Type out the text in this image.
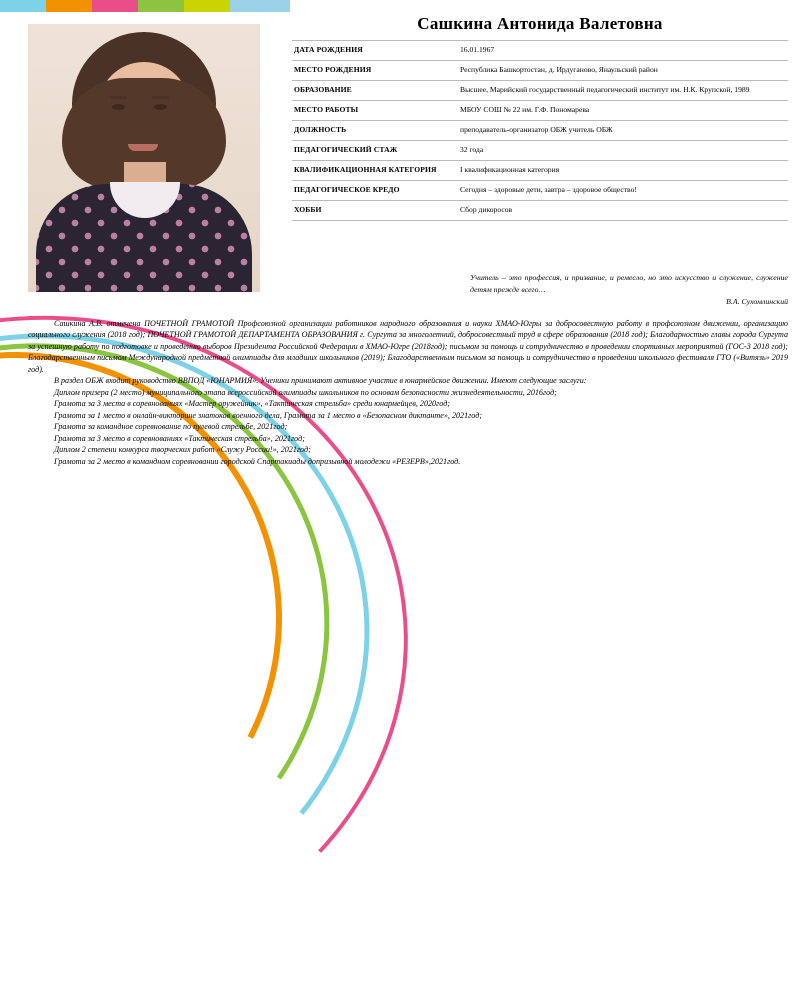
Сашкина Антонида Валетовна
ДАТА РОЖДЕНИЯ	16.01.1967
МЕСТО РОЖДЕНИЯ	Республика Башкортостан, д. Ирдугановo, Янаульский район
ОБРАЗОВАНИЕ	Высшее, Марийский государственный педагогический институт им. Н.К. Крупской, 1989
МЕСТО РАБОТЫ	МБОУ СОШ № 22 им. Г.Ф. Пономарева
ДОЛЖНОСТЬ	преподаватель-организатор ОБЖ учитель ОБЖ
ПЕДАГОГИЧЕСКИЙ СТАЖ	32 года
КВАЛИФИКАЦИОННАЯ КАТЕГОРИЯ	I квалификационная категория
ПЕДАГОГИЧЕСКОЕ КРЕДО	Сегодня – здоровые дети, завтра – здоровое общество!
ХОББИ	Сбор дикоросов
Учитель – это профессия, и призвание, и ремесло, но это искусство и служение, служение детям прежде всего…
В.А. Сухомлинский

Сашкина А.В. отмечена ПОЧЕТНОЙ ГРАМОТОЙ Профсоюзной организации работников народного образования и науки ХМАО-Югры за добросовестную работу в профсоюзном движении, организацию социального служения (2018 год); ПОЧЕТНОЙ ГРАМОТОЙ ДЕПАРТАМЕНТА ОБРАЗОВАНИЯ г. Сургута за многолетний, добросовестный труд в сфере образования (2018 год); Благодарностью главы города Сургута за успешную работу по подготовке и проведению выборов Президента Российской Федерации в ХМАО-Югре (2018год); письмом за помощь и сотрудничество в проведении спортивных мероприятий (ГОС-3 2018 год); Благодарственным письмом Международной предметной олимпиады для младших школьников (2019); Благодарственным письмом за помощь и сотрудничество в проведении школьного фестиваля ГТО («Витязь» 2019 год).

В раздел ОБЖ входит руководство ВВПОД «ЮНАРМИЯ». Ученики принимают активное участие в юнармейское движении. Имеют следующие заслуги:

Диплом призера (2 место) муниципального этапа всероссийской олимпиады школьников по основам безопасности жизнедеятельности, 2016год;

Грамота за 3 места в соревнованиях «Мастер оружейник», «Тактическая стрельба» среди юнармейцев, 2020год;

Грамота за 1 место в онлайн-викторине знатоков военного дела, Грамота за 1 место в «Безопасном диктанте», 2021год;

Грамота за командное соревнование по пулевой стрельбе, 2021год;

Грамота за 3 место в соревнованиях «Тактическая стрельба», 2021год;

Диплом 2 степени конкурса творческих работ «Служу России!», 2021год;

Грамота за 2 место в командном соревновании городской Спартакиады допризывной молодежи «РЕЗЕРВ»,2021год.
